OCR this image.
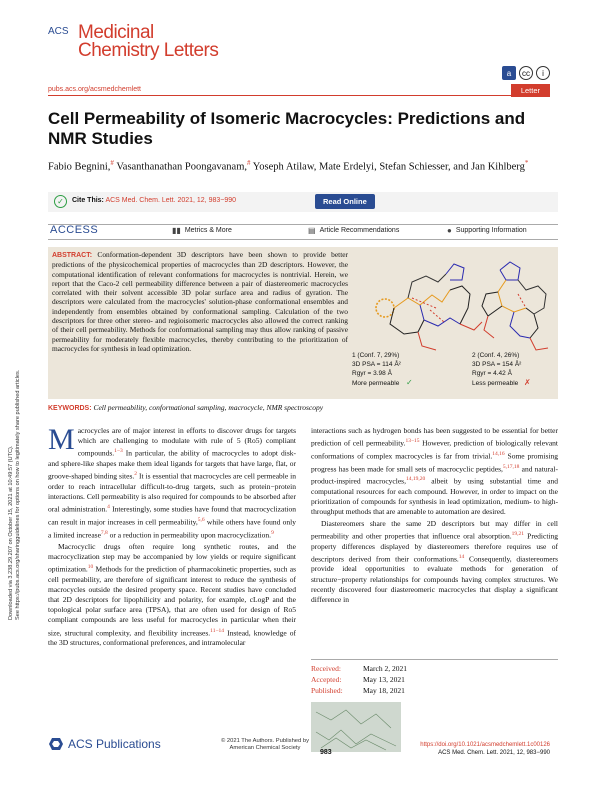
ACS Medicinal
Chemistry Letters
a	cc	i
pubs.acs.org/acsmedchemlett	Letter
Cell Permeability of Isomeric Macrocycles: Predictions and NMR Studies
Fabio Begnini,# Vasanthanathan Poongavanam,# Yoseph Atilaw, Mate Erdelyi, Stefan Schiesser, and Jan Kihlberg*
✓	Cite This: ACS Med. Chem. Lett. 2021, 12, 983−990	Read Online
ACCESS	▮▮ Metrics & More	▤ Article Recommendations	● Supporting Information
ABSTRACT: Conformation-dependent 3D descriptors have been shown to provide better predictions of the physicochemical properties of macrocycles than 2D descriptors. However, the computational identification of relevant conformations for macrocycles is nontrivial. Herein, we report that the Caco-2 cell permeability difference between a pair of diastereomeric macrocycles correlated with their solvent accessible 3D polar surface area and radius of gyration. The descriptors were calculated from the macrocycles' solution-phase conformational ensembles and independently from ensembles obtained by conformational sampling. Calculation of the two descriptors for three other stereo- and regioisomeric macrocycles also allowed the correct ranking of their cell permeability. Methods for conformational sampling may thus allow ranking of passive permeability for moderately flexible macrocycles, thereby contributing to the prioritization of macrocycles for synthesis in lead optimization.
1 (Conf. 7, 29%)
3D PSA = 114 Å²
Rgyr = 3.98 Å
More permeable ✓
2 (Conf. 4, 26%)
3D PSA = 154 Å²
Rgyr = 4.42 Å
Less permeable ✗
KEYWORDS: Cell permeability, conformational sampling, macrocycle, NMR spectroscopy

Macrocycles are of major interest in efforts to discover drugs for targets which are challenging to modulate with rule of 5 (Ro5) compliant compounds.$^{1-3}$ In particular, the ability of macrocycles to adopt disk- and sphere-like shapes make them ideal ligands for targets that have large, flat, or groove-shaped binding sites.$^2$ It is essential that macrocycles are cell permeable in order to reach intracellular difficult-to-drug targets, such as protein−protein interactions. Cell permeability is also required for compounds to be absorbed after oral administration.$^4$ Interestingly, some studies have found that macrocyclization can result in major increases in cell permeability,$^{5,6}$ while others have found only a limited increase$^{7,8}$ or a reduction in permeability upon macrocyclization.$^9$

Macrocyclic drugs often require long synthetic routes, and the macrocyclization step may be accompanied by low yields or require significant optimization.$^{10}$ Methods for the prediction of pharmacokinetic properties, such as cell permeability, are therefore of significant interest to reduce the synthesis of macrocycles outside the desired property space. Recent studies have concluded that 2D descriptors for lipophilicity and polarity, for example, cLogP and the topological polar surface area (TPSA), that are often used for design of Ro5 compliant compounds are less useful for macrocycles in particular when their size, structural complexity, and flexibility increases.$^{11-14}$ Instead, knowledge of the 3D structures, conformational preferences, and intramolecular

interactions such as hydrogen bonds has been suggested to be essential for better prediction of cell permeability.$^{13-15}$ However, prediction of biologically relevant conformations of complex macrocycles is far from trivial.$^{14,16}$ Some promising progress has been made for small sets of macrocyclic peptides,$^{5,17,18}$ and natural-product-inspired macrocycles,$^{14,19,20}$ albeit by using substantial time and computational resources for each compound. However, in order to impact on the prioritization of compounds for synthesis in lead optimization, medium- to high-throughput methods that are amenable to automation are desired.

Diastereomers share the same 2D descriptors but may differ in cell permeability and other properties that influence oral absorption.$^{19,21}$ Predicting property differences displayed by diastereomers therefore requires use of descriptors derived from their conformations.$^{14}$ Consequently, diastereomers provide ideal opportunities to evaluate methods for generation of structure−property relationships for compounds having complex structures. We recently discovered four diastereomeric macrocycles that display a significant difference in

Received:	March 2, 2021
Accepted:	May 13, 2021
Published:	May 18, 2021
Downloaded via 3.238.29.207 on October 15, 2021 at 10:49:57 (UTC). See https://pubs.acs.org/sharingguidelines for options on how to legitimately share published articles.
ACS Publications	© 2021 The Authors. Published by
American Chemical Society
983
https://doi.org/10.1021/acsmedchemlett.1c00126
ACS Med. Chem. Lett. 2021, 12, 983−990
